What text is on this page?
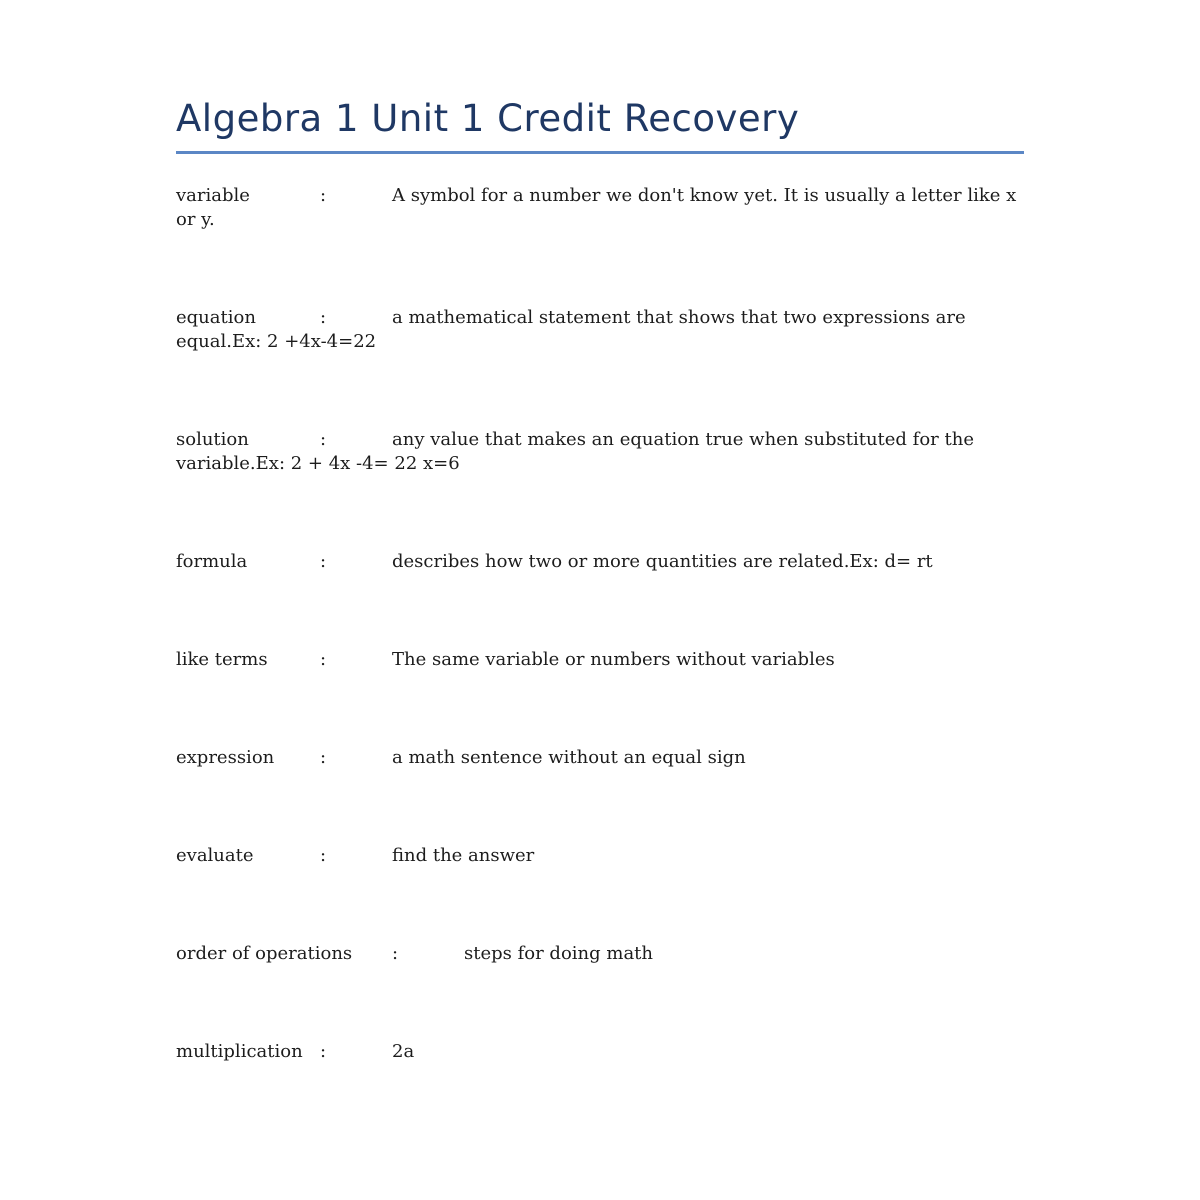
Algebra 1 Unit 1 Credit Recovery

variable		:		A symbol for a number we don't know yet. It is usually a letter like x or y.

equation		:		a mathematical statement that shows that two expressions are equal.Ex: 2 +4x-4=22

solution		:		any value that makes an equation true when substituted for the variable.Ex: 2 + 4x -4= 22 x=6

formula		:		describes how two or more quantities are related.Ex: d= rt

like terms		:		The same variable or numbers without variables

expression		:		a math sentence without an equal sign

evaluate		:		find the answer

order of operations	:		steps for doing math

multiplication	:		2a
